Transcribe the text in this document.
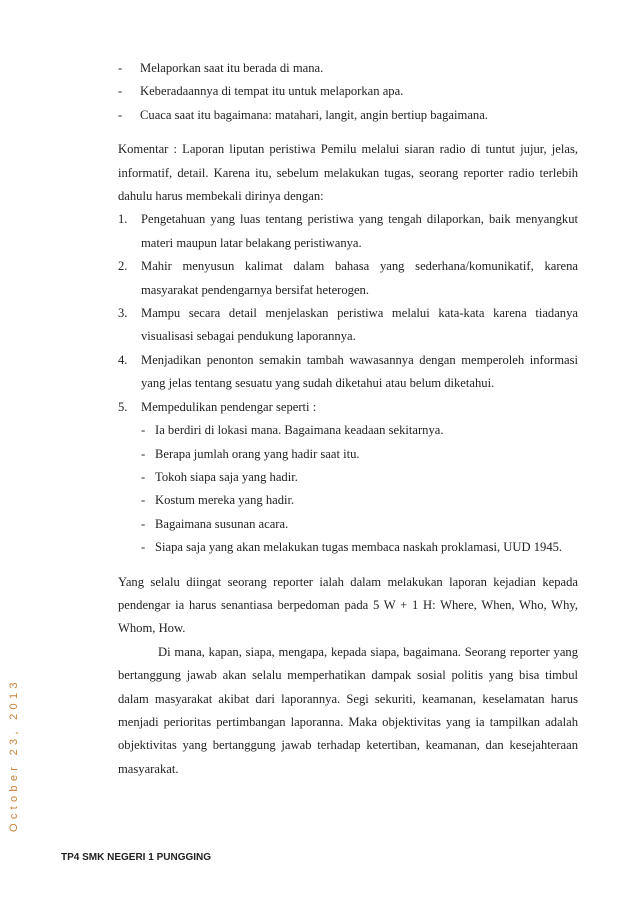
-	Melaporkan saat itu berada di mana.
-	Keberadaannya di tempat itu untuk melaporkan apa.
-	Cuaca saat itu bagaimana: matahari, langit, angin bertiup bagaimana.
Komentar : Laporan liputan peristiwa Pemilu melalui siaran radio di tuntut jujur, jelas, informatif, detail. Karena itu, sebelum melakukan tugas, seorang reporter radio terlebih dahulu harus membekali dirinya dengan:
1.	Pengetahuan yang luas tentang peristiwa yang tengah dilaporkan, baik menyangkut materi maupun latar belakang peristiwanya.
2.	Mahir menyusun kalimat dalam bahasa yang sederhana/komunikatif, karena masyarakat pendengarnya bersifat heterogen.
3.	Mampu secara detail menjelaskan peristiwa melalui kata-kata karena tiadanya visualisasi sebagai pendukung laporannya.
4.	Menjadikan penonton semakin tambah wawasannya dengan memperoleh informasi yang jelas tentang sesuatu yang sudah diketahui atau belum diketahui.
5.	Mempedulikan pendengar seperti :
- Ia berdiri di lokasi mana. Bagaimana keadaan sekitarnya.
- Berapa jumlah orang yang hadir saat itu.
- Tokoh siapa saja yang hadir.
- Kostum mereka yang hadir.
- Bagaimana susunan acara.
- Siapa saja yang akan melakukan tugas membaca naskah proklamasi, UUD 1945.
Yang selalu diingat seorang reporter ialah dalam melakukan laporan kejadian kepada pendengar ia harus senantiasa berpedoman pada 5 W + 1 H: Where, When, Who, Why, Whom, How.
Di mana, kapan, siapa, mengapa, kepada siapa, bagaimana. Seorang reporter yang bertanggung jawab akan selalu memperhatikan dampak sosial politis yang bisa timbul dalam masyarakat akibat dari laporannya. Segi sekuriti, keamanan, keselamatan harus menjadi perioritas pertimbangan laporanna. Maka objektivitas yang ia tampilkan adalah objektivitas yang bertanggung jawab terhadap ketertiban, keamanan, dan kesejahteraan masyarakat.
October 23, 2013
TP4 SMK NEGERI 1 PUNGGING
